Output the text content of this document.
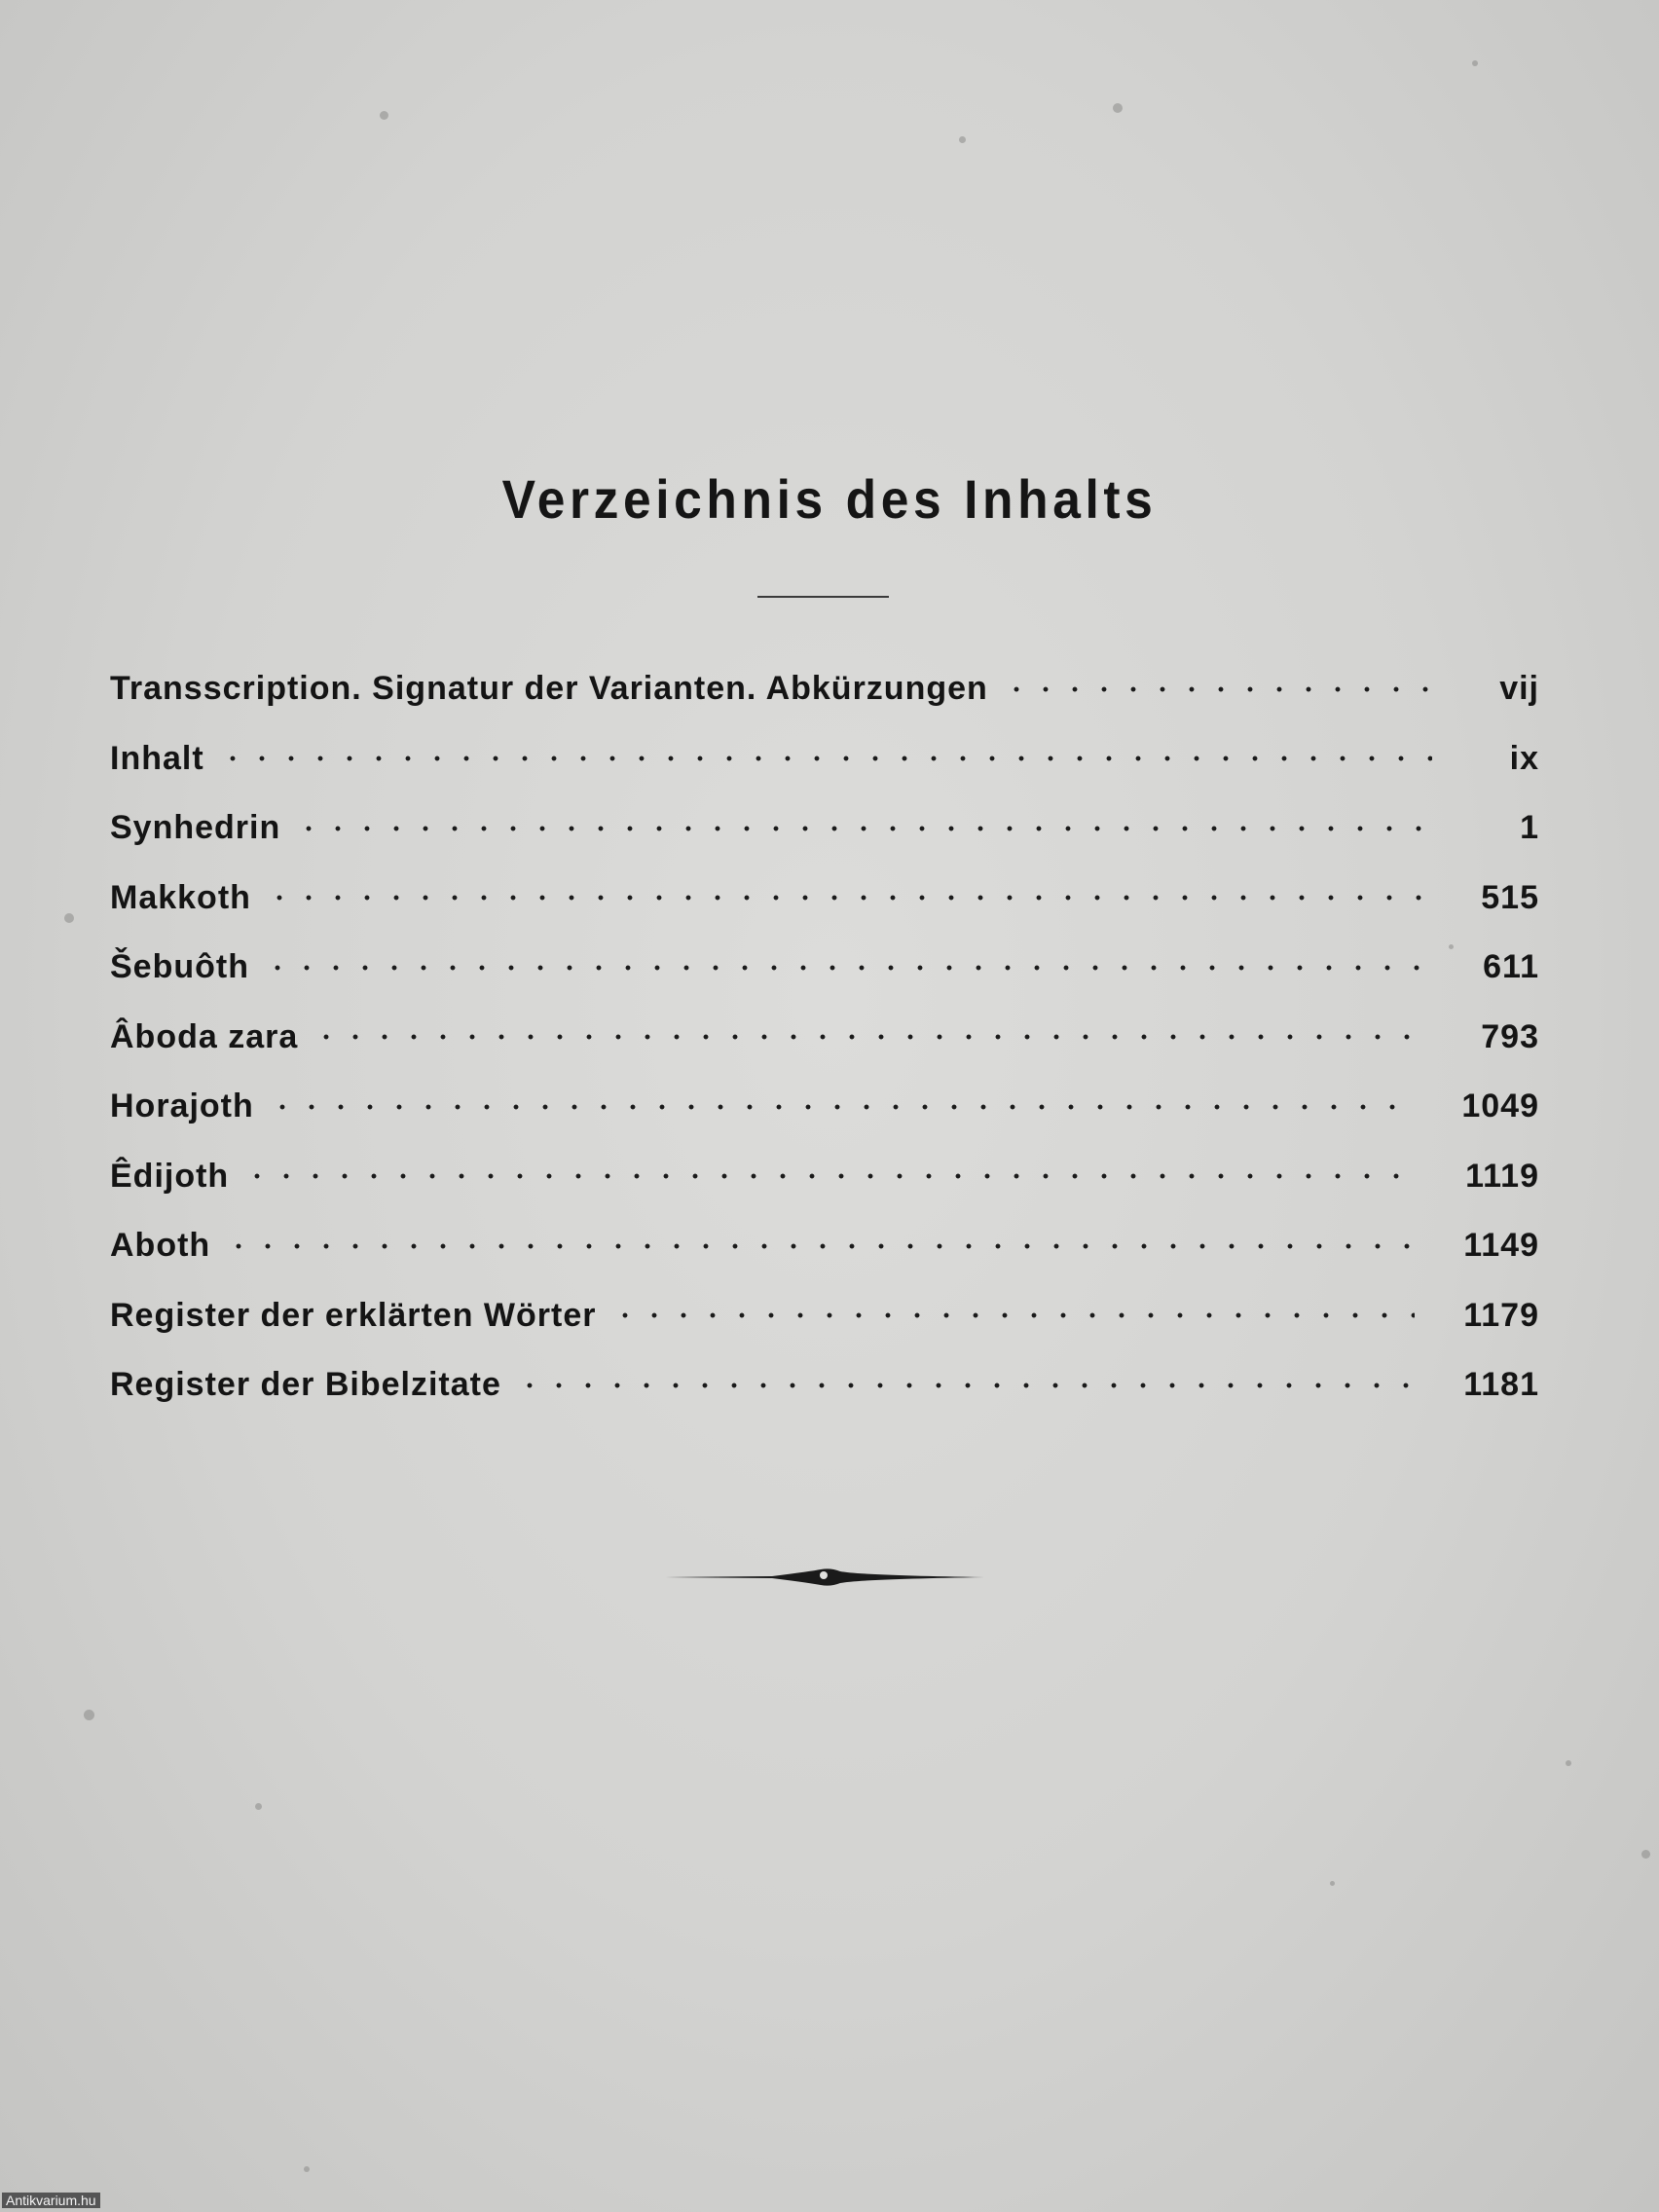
Verzeichnis des Inhalts
Transscription. Signatur der Varianten. Abkürzungen	vij
Inhalt	ix
Synhedrin	1
Makkoth	515
Šebuôth	611
Âboda zara	793
Horajoth	1049
Êdijoth	1119
Aboth	1149
Register der erklärten Wörter	1179
Register der Bibelzitate	1181
Antikvarium.hu
